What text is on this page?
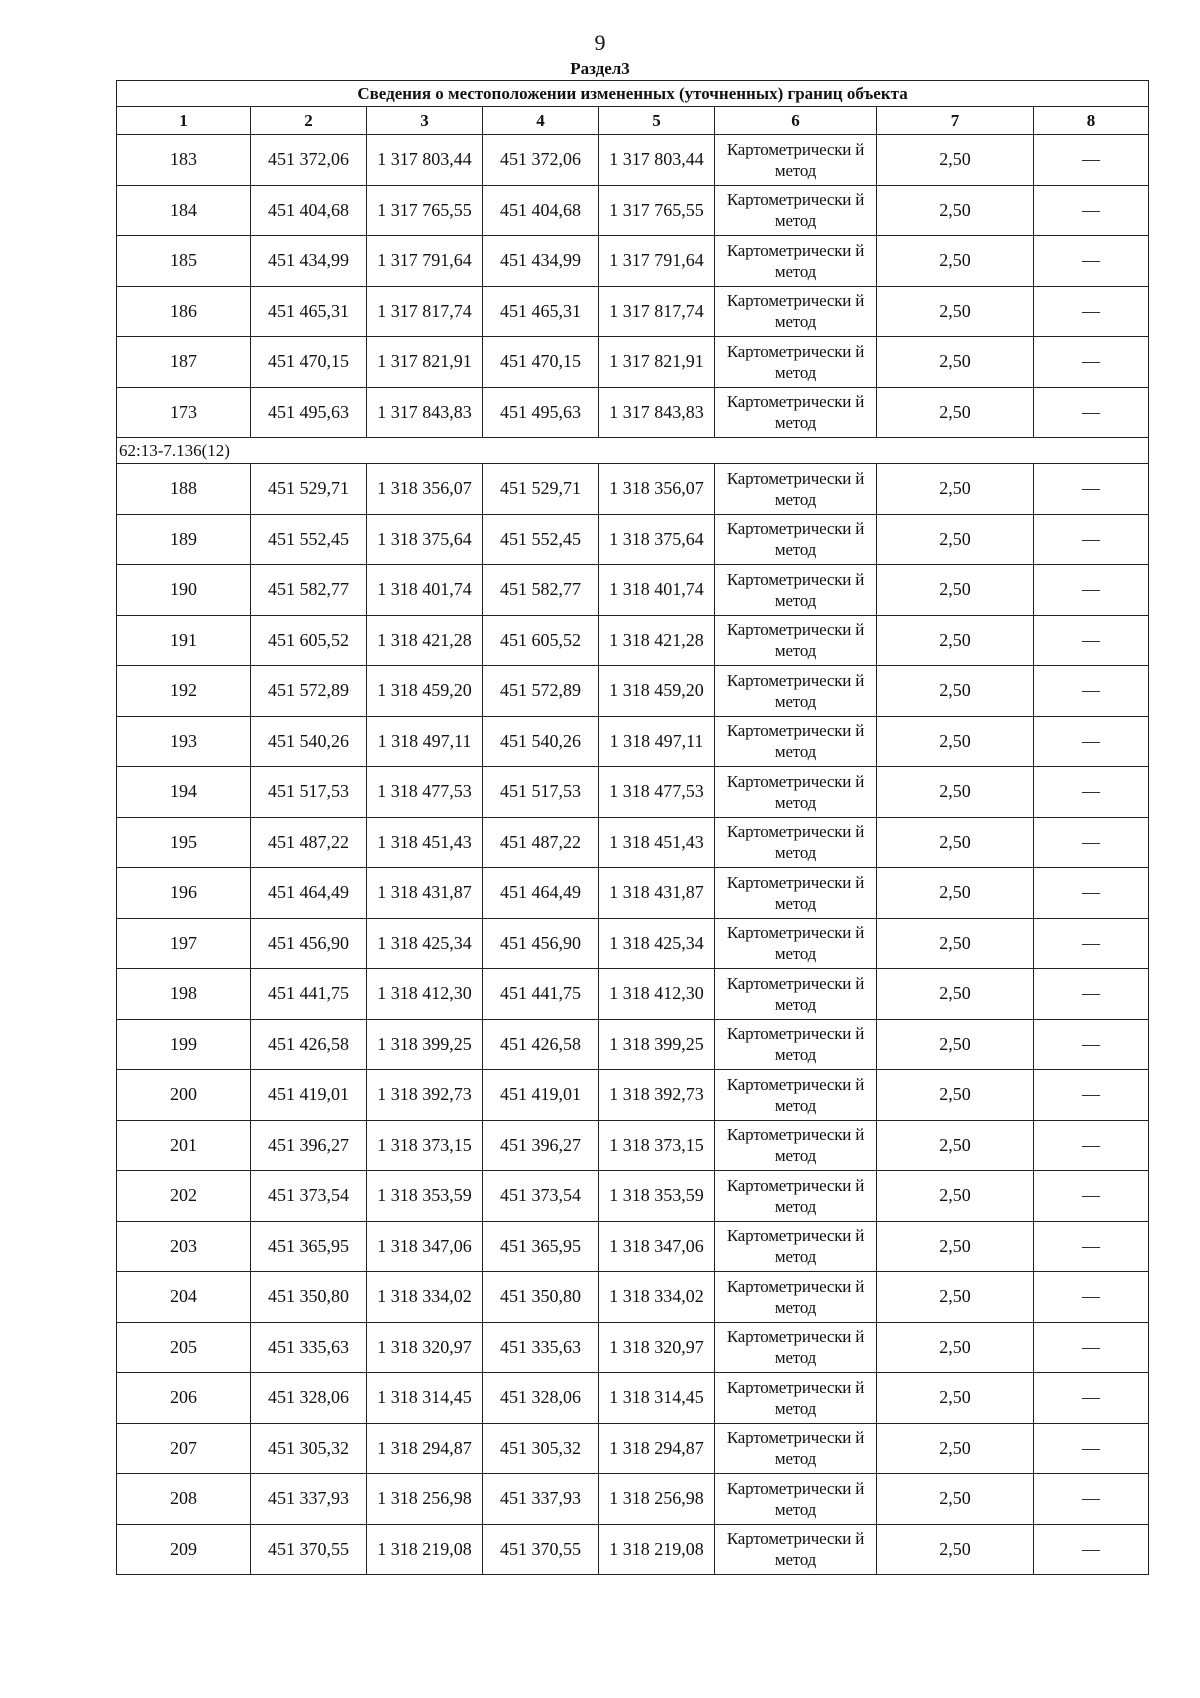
9
Раздел3
Сведения о местоположении измененных (уточненных) границ объекта							
1	2	3	4	5	6	7	8
183	451 372,06	1 317 803,44	451 372,06	1 317 803,44	Картометрически й метод	2,50	—
184	451 404,68	1 317 765,55	451 404,68	1 317 765,55	Картометрически й метод	2,50	—
185	451 434,99	1 317 791,64	451 434,99	1 317 791,64	Картометрически й метод	2,50	—
186	451 465,31	1 317 817,74	451 465,31	1 317 817,74	Картометрически й метод	2,50	—
187	451 470,15	1 317 821,91	451 470,15	1 317 821,91	Картометрически й метод	2,50	—
173	451 495,63	1 317 843,83	451 495,63	1 317 843,83	Картометрически й метод	2,50	—
62:13-7.136(12)							
188	451 529,71	1 318 356,07	451 529,71	1 318 356,07	Картометрически й метод	2,50	—
189	451 552,45	1 318 375,64	451 552,45	1 318 375,64	Картометрически й метод	2,50	—
190	451 582,77	1 318 401,74	451 582,77	1 318 401,74	Картометрически й метод	2,50	—
191	451 605,52	1 318 421,28	451 605,52	1 318 421,28	Картометрически й метод	2,50	—
192	451 572,89	1 318 459,20	451 572,89	1 318 459,20	Картометрически й метод	2,50	—
193	451 540,26	1 318 497,11	451 540,26	1 318 497,11	Картометрически й метод	2,50	—
194	451 517,53	1 318 477,53	451 517,53	1 318 477,53	Картометрически й метод	2,50	—
195	451 487,22	1 318 451,43	451 487,22	1 318 451,43	Картометрически й метод	2,50	—
196	451 464,49	1 318 431,87	451 464,49	1 318 431,87	Картометрически й метод	2,50	—
197	451 456,90	1 318 425,34	451 456,90	1 318 425,34	Картометрически й метод	2,50	—
198	451 441,75	1 318 412,30	451 441,75	1 318 412,30	Картометрически й метод	2,50	—
199	451 426,58	1 318 399,25	451 426,58	1 318 399,25	Картометрически й метод	2,50	—
200	451 419,01	1 318 392,73	451 419,01	1 318 392,73	Картометрически й метод	2,50	—
201	451 396,27	1 318 373,15	451 396,27	1 318 373,15	Картометрически й метод	2,50	—
202	451 373,54	1 318 353,59	451 373,54	1 318 353,59	Картометрически й метод	2,50	—
203	451 365,95	1 318 347,06	451 365,95	1 318 347,06	Картометрически й метод	2,50	—
204	451 350,80	1 318 334,02	451 350,80	1 318 334,02	Картометрически й метод	2,50	—
205	451 335,63	1 318 320,97	451 335,63	1 318 320,97	Картометрически й метод	2,50	—
206	451 328,06	1 318 314,45	451 328,06	1 318 314,45	Картометрически й метод	2,50	—
207	451 305,32	1 318 294,87	451 305,32	1 318 294,87	Картометрически й метод	2,50	—
208	451 337,93	1 318 256,98	451 337,93	1 318 256,98	Картометрически й метод	2,50	—
209	451 370,55	1 318 219,08	451 370,55	1 318 219,08	Картометрически й метод	2,50	—
